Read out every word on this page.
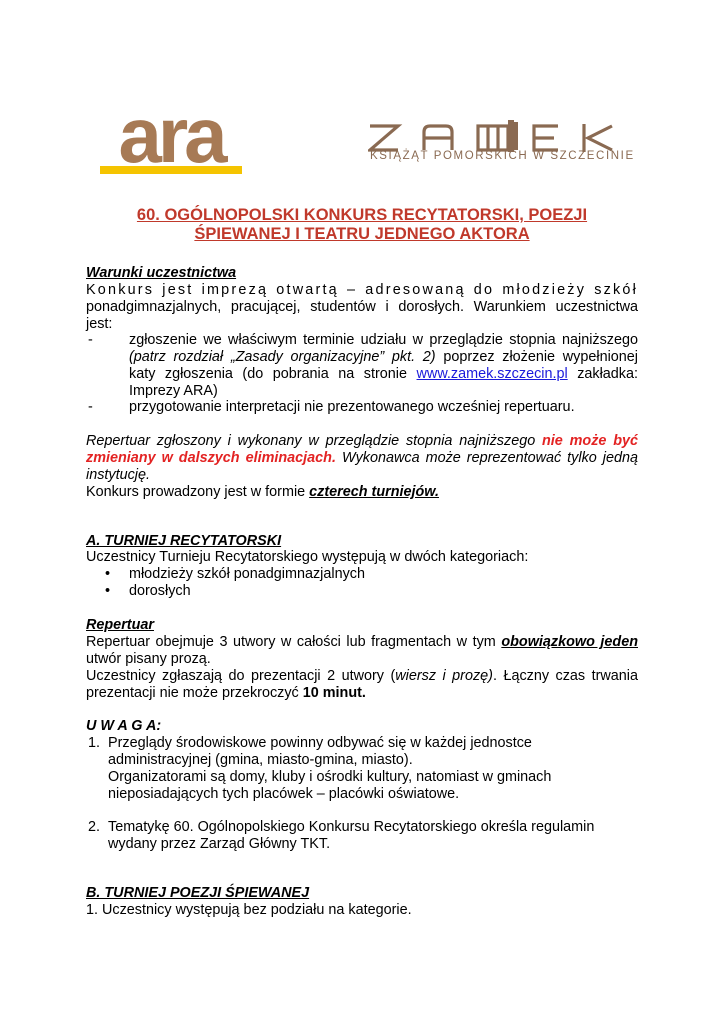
ara	KSIĄŻĄT POMORSKICH W SZCZECINIE
60. OGÓLNOPOLSKI KONKURS RECYTATORSKI, POEZJI
ŚPIEWANEJ I TEATRU JEDNEGO AKTORA
Warunki uczestnictwa
Konkurs jest imprezą otwartą – adresowaną do młodzieży szkół
ponadgimnazjalnych, pracującej, studentów i dorosłych. Warunkiem uczestnictwa
jest:
-	zgłoszenie we właściwym terminie udziału w przeglądzie stopnia najniższego
(patrz rozdział „Zasady organizacyjne” pkt. 2) poprzez złożenie wypełnionej
katy zgłoszenia (do pobrania na stronie www.zamek.szczecin.pl zakładka:
Imprezy ARA)
-	przygotowanie interpretacji nie prezentowanego wcześniej repertuaru.
Repertuar zgłoszony i wykonany w przeglądzie stopnia najniższego nie może być
zmieniany w dalszych eliminacjach. Wykonawca może reprezentować tylko jedną
instytucję.
Konkurs prowadzony jest w formie czterech turniejów.
A. TURNIEJ RECYTATORSKI
Uczestnicy Turnieju Recytatorskiego występują w dwóch kategoriach:
•	młodzieży szkół ponadgimnazjalnych
•	dorosłych
Repertuar
Repertuar obejmuje 3 utwory w całości lub fragmentach w tym obowiązkowo jeden
utwór pisany prozą.
Uczestnicy zgłaszają do prezentacji 2 utwory (wiersz i prozę). Łączny czas trwania
prezentacji nie może przekroczyć 10 minut.
U W A G A:
1. Przeglądy środowiskowe powinny odbywać się w każdej jednostce
administracyjnej (gmina, miasto-gmina, miasto).
Organizatorami są domy, kluby i ośrodki kultury, natomiast w gminach
nieposiadających tych placówek – placówki oświatowe.
2. Tematykę 60. Ogólnopolskiego Konkursu Recytatorskiego określa regulamin
wydany przez Zarząd Główny TKT.
B. TURNIEJ POEZJI ŚPIEWANEJ
1. Uczestnicy występują bez podziału na kategorie.
